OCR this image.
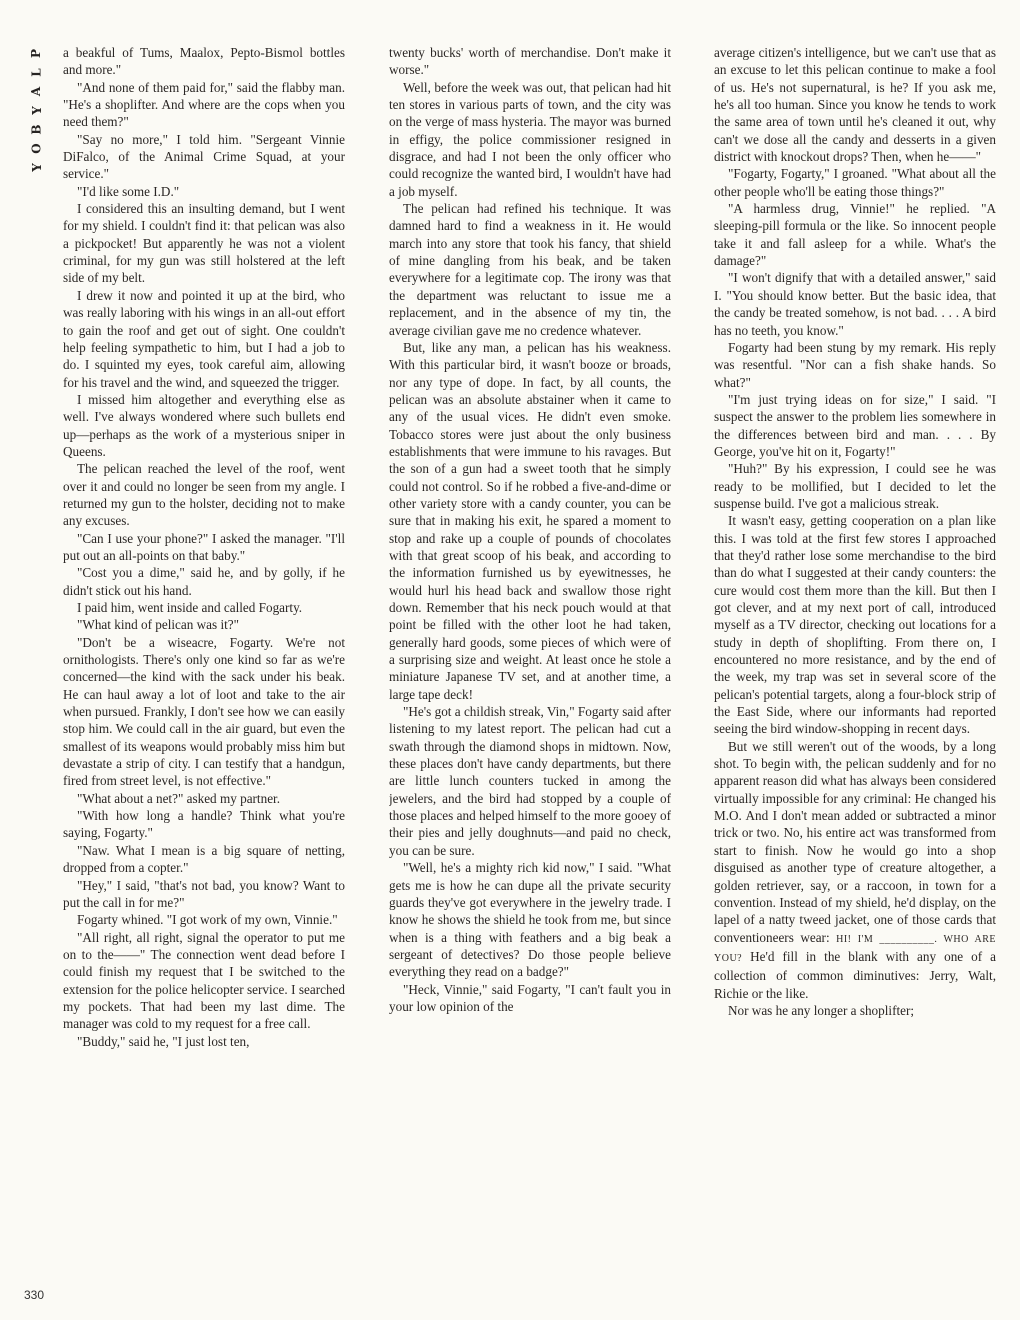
P
L
A
Y
B
O
Y

a beakful of Tums, Maalox, Pepto-Bismol bottles and more."

"And none of them paid for," said the flabby man. "He's a shoplifter. And where are the cops when you need them?"

"Say no more," I told him. "Sergeant Vinnie DiFalco, of the Animal Crime Squad, at your service."

"I'd like some I.D."

I considered this an insulting demand, but I went for my shield. I couldn't find it: that pelican was also a pickpocket! But apparently he was not a violent criminal, for my gun was still holstered at the left side of my belt.

I drew it now and pointed it up at the bird, who was really laboring with his wings in an all-out effort to gain the roof and get out of sight. One couldn't help feeling sympathetic to him, but I had a job to do. I squinted my eyes, took careful aim, allowing for his travel and the wind, and squeezed the trigger.

I missed him altogether and everything else as well. I've always wondered where such bullets end up—perhaps as the work of a mysterious sniper in Queens.

The pelican reached the level of the roof, went over it and could no longer be seen from my angle. I returned my gun to the holster, deciding not to make any excuses.

"Can I use your phone?" I asked the manager. "I'll put out an all-points on that baby."

"Cost you a dime," said he, and by golly, if he didn't stick out his hand.

I paid him, went inside and called Fogarty.

"What kind of pelican was it?"

"Don't be a wiseacre, Fogarty. We're not ornithologists. There's only one kind so far as we're concerned—the kind with the sack under his beak. He can haul away a lot of loot and take to the air when pursued. Frankly, I don't see how we can easily stop him. We could call in the air guard, but even the smallest of its weapons would probably miss him but devastate a strip of city. I can testify that a handgun, fired from street level, is not effective."

"What about a net?" asked my partner.

"With how long a handle? Think what you're saying, Fogarty."

"Naw. What I mean is a big square of netting, dropped from a copter."

"Hey," I said, "that's not bad, you know? Want to put the call in for me?"

Fogarty whined. "I got work of my own, Vinnie."

"All right, all right, signal the operator to put me on to the——" The connection went dead before I could finish my request that I be switched to the extension for the police helicopter service. I searched my pockets. That had been my last dime. The manager was cold to my request for a free call.

"Buddy," said he, "I just lost ten,

twenty bucks' worth of merchandise. Don't make it worse."

Well, before the week was out, that pelican had hit ten stores in various parts of town, and the city was on the verge of mass hysteria. The mayor was burned in effigy, the police commissioner resigned in disgrace, and had I not been the only officer who could recognize the wanted bird, I wouldn't have had a job myself.

The pelican had refined his technique. It was damned hard to find a weakness in it. He would march into any store that took his fancy, that shield of mine dangling from his beak, and be taken everywhere for a legitimate cop. The irony was that the department was reluctant to issue me a replacement, and in the absence of my tin, the average civilian gave me no credence whatever.

But, like any man, a pelican has his weakness. With this particular bird, it wasn't booze or broads, nor any type of dope. In fact, by all counts, the pelican was an absolute abstainer when it came to any of the usual vices. He didn't even smoke. Tobacco stores were just about the only business establishments that were immune to his ravages. But the son of a gun had a sweet tooth that he simply could not control. So if he robbed a five-and-dime or other variety store with a candy counter, you can be sure that in making his exit, he spared a moment to stop and rake up a couple of pounds of chocolates with that great scoop of his beak, and according to the information furnished us by eyewitnesses, he would hurl his head back and swallow those right down. Remember that his neck pouch would at that point be filled with the other loot he had taken, generally hard goods, some pieces of which were of a surprising size and weight. At least once he stole a miniature Japanese TV set, and at another time, a large tape deck!

"He's got a childish streak, Vin," Fogarty said after listening to my latest report. The pelican had cut a swath through the diamond shops in midtown. Now, these places don't have candy departments, but there are little lunch counters tucked in among the jewelers, and the bird had stopped by a couple of those places and helped himself to the more gooey of their pies and jelly doughnuts—and paid no check, you can be sure.

"Well, he's a mighty rich kid now," I said. "What gets me is how he can dupe all the private security guards they've got everywhere in the jewelry trade. I know he shows the shield he took from me, but since when is a thing with feathers and a big beak a sergeant of detectives? Do those people believe everything they read on a badge?"

"Heck, Vinnie," said Fogarty, "I can't fault you in your low opinion of the

average citizen's intelligence, but we can't use that as an excuse to let this pelican continue to make a fool of us. He's not supernatural, is he? If you ask me, he's all too human. Since you know he tends to work the same area of town until he's cleaned it out, why can't we dose all the candy and desserts in a given district with knockout drops? Then, when he——"

"Fogarty, Fogarty," I groaned. "What about all the other people who'll be eating those things?"

"A harmless drug, Vinnie!" he replied. "A sleeping-pill formula or the like. So innocent people take it and fall asleep for a while. What's the damage?"

"I won't dignify that with a detailed answer," said I. "You should know better. But the basic idea, that the candy be treated somehow, is not bad. . . . A bird has no teeth, you know."

Fogarty had been stung by my remark. His reply was resentful. "Nor can a fish shake hands. So what?"

"I'm just trying ideas on for size," I said. "I suspect the answer to the problem lies somewhere in the differences between bird and man. . . . By George, you've hit on it, Fogarty!"

"Huh?" By his expression, I could see he was ready to be mollified, but I decided to let the suspense build. I've got a malicious streak.

It wasn't easy, getting cooperation on a plan like this. I was told at the first few stores I approached that they'd rather lose some merchandise to the bird than do what I suggested at their candy counters: the cure would cost them more than the kill. But then I got clever, and at my next port of call, introduced myself as a TV director, checking out locations for a study in depth of shoplifting. From there on, I encountered no more resistance, and by the end of the week, my trap was set in several score of the pelican's potential targets, along a four-block strip of the East Side, where our informants had reported seeing the bird window-shopping in recent days.

But we still weren't out of the woods, by a long shot. To begin with, the pelican suddenly and for no apparent reason did what has always been considered virtually impossible for any criminal: He changed his M.O. And I don't mean added or subtracted a minor trick or two. No, his entire act was transformed from start to finish. Now he would go into a shop disguised as another type of creature altogether, a golden retriever, say, or a raccoon, in town for a convention. Instead of my shield, he'd display, on the lapel of a natty tweed jacket, one of those cards that conventioneers wear: HI! I'M __________. WHO ARE YOU? He'd fill in the blank with any one of a collection of common diminutives: Jerry, Walt, Richie or the like.

Nor was he any longer a shoplifter;

330
